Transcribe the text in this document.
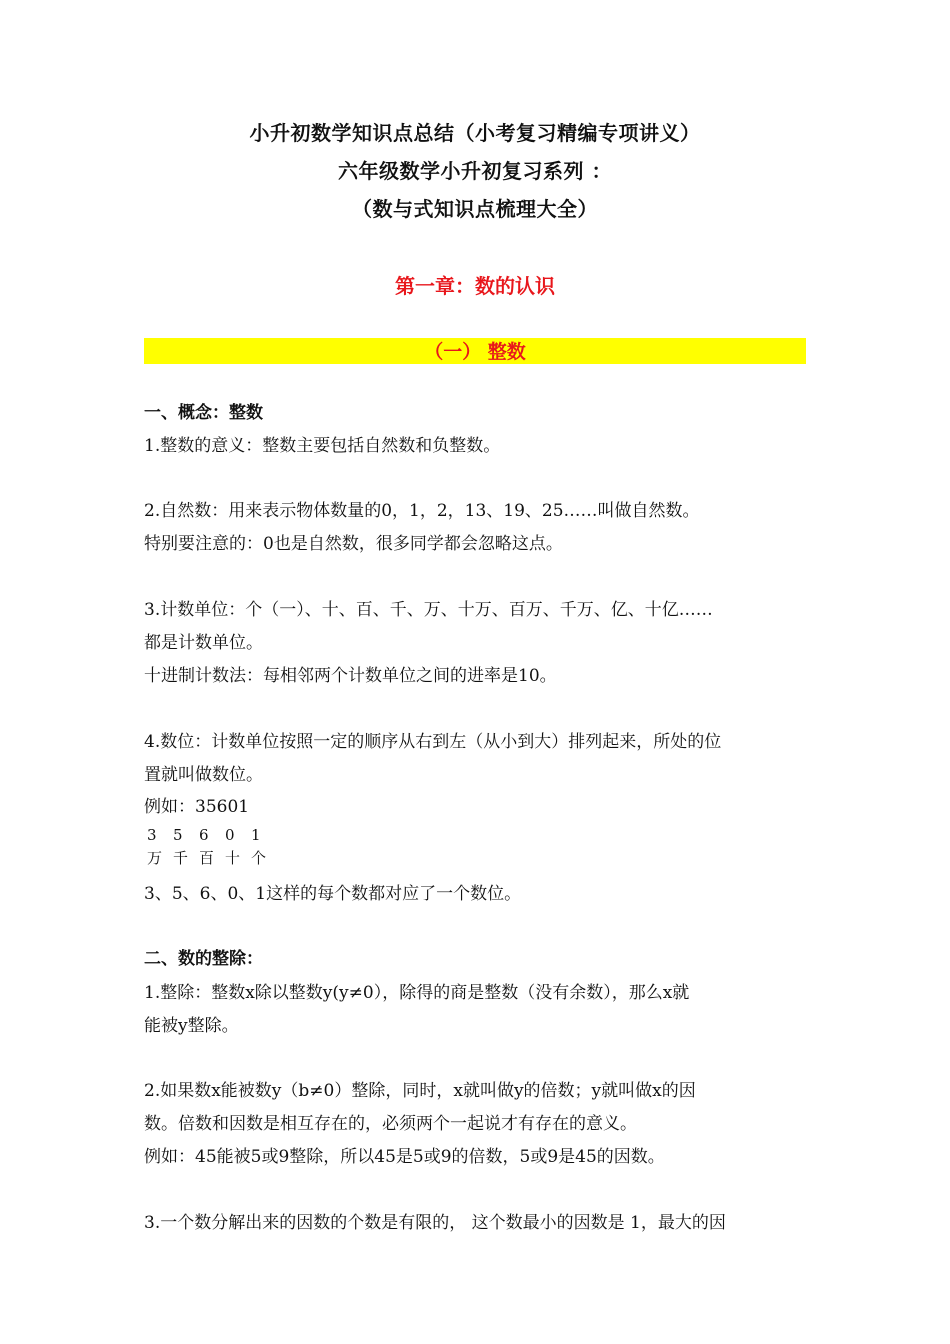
小升初数学知识点总结（小考复习精编专项讲义）
六年级数学小升初复习系列 ：
（数与式知识点梳理大全）
第一章：数的认识
（一） 整数
一、概念：整数
1.整数的意义：整数主要包括自然数和负整数。
2.自然数：用来表示物体数量的0，1，2，13、19、25……叫做自然数。
特别要注意的：0也是自然数，很多同学都会忽略这点。
3.计数单位：个（一）、十、百、千、万、十万、百万、千万、亿、十亿……
都是计数单位。
十进制计数法：每相邻两个计数单位之间的进率是10。
4.数位：计数单位按照一定的顺序从右到左（从小到大）排列起来，所处的位
置就叫做数位。
例如：35601
3 5 6 0 1
万 千 百 十 个
3、5、6、0、1这样的每个数都对应了一个数位。
二、数的整除：
1.整除：整数x除以整数y(y≠0），除得的商是整数（没有余数），那么x就
能被y整除。
2.如果数x能被数y（b≠0）整除，同时，x就叫做y的倍数；y就叫做x的因
数。倍数和因数是相互存在的，必须两个一起说才有存在的意义。
例如：45能被5或9整除，所以45是5或9的倍数，5或9是45的因数。
3.一个数分解出来的因数的个数是有限的， 这个数最小的因数是 1，最大的因
